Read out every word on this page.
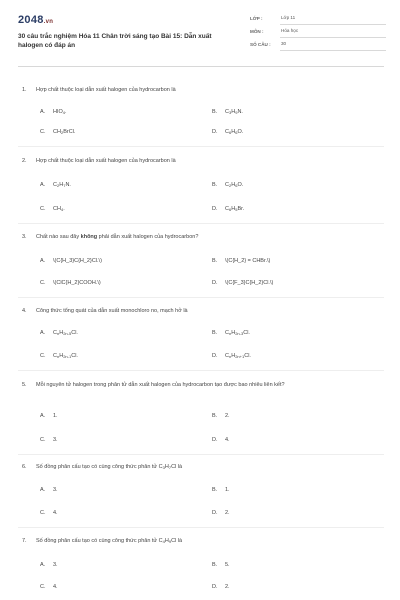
2048.vn
30 câu trắc nghiệm Hóa 11 Chân trời sáng tạo Bài 15: Dẫn xuất halogen có đáp án
LỚP :	Lớp 11
MÔN :	Hóa học
SỐ CÂU : 30
1. Hợp chất thuộc loại dẫn xuất halogen của hydrocarbon là
A. $HIO_4$.	B. $C_3H_9N$.
C. $CH_2BrCl$.	D. $C_6H_6O$.
2. Hợp chất thuộc loại dẫn xuất halogen của hydrocarbon là
A. $C_2H_7N$.	B. $C_2H_6O$.
C. $CH_4$.	D. $C_6H_5Br$.
3. Chất nào sau đây không phải dẫn xuất halogen của hydrocarbon?
A. \(C{H_3}C{H_2}Cl.\)	B. \(C{H_2} = CHBr.\)
C. \(ClC{H_2}COOH.\)	D. \(C{F_3}C{H_2}Cl.\)
4. Công thức tổng quát của dẫn xuất monochloro no, mạch hở là
A. $C_nH_{2n-5}Cl$.	B. $C_nH_{2n-3}Cl$.
C. $C_nH_{2n-1}Cl$.	D. $C_nH_{2n+1}Cl$.
5. Mỗi nguyên tử halogen trong phân tử dẫn xuất halogen của hydrocarbon tạo được bao nhiêu liên kết?
A. 1.	B. 2.
C. 3.	D. 4.
6. Số đồng phân cấu tạo có cùng công thức phân tử $C_3H_7Cl$ là
A. 3.	B. 1.
C. 4.	D. 2.
7. Số đồng phân cấu tạo có cùng công thức phân tử $C_4H_9Cl$ là
A. 3.	B. 5.
C. 4.	D. 2.
